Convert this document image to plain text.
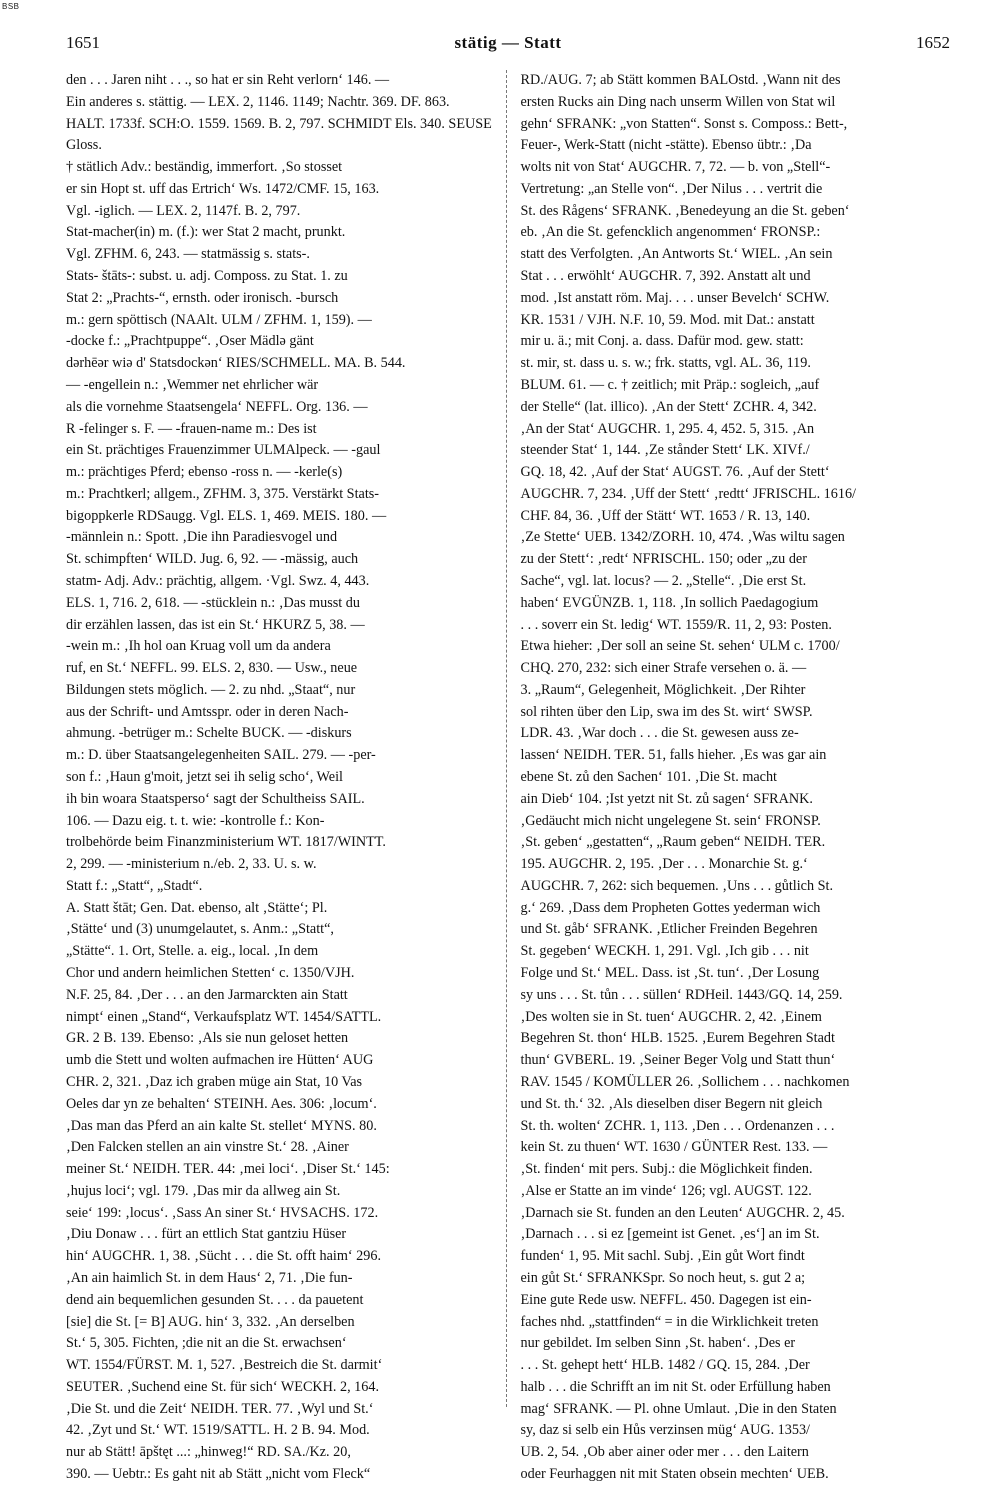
BSB
1651	stätig — Statt	1652
den . . . Jaren niht . . ., so hat er sin Reht verlorn‘ 146. —
Ein anderes s. stättig. — LEX. 2, 1146. 1149; Nachtr. 369. DF. 863.
HALT. 1733f. SCH:O. 1559. 1569. B. 2, 797. SCHMIDT Els. 340. SEUSE
Gloss.
† stätlich Adv.: beständig, immerfort. ‚So stosset
er sin Hopt st. uff das Ertrich‘ Ws. 1472/CMF. 15, 163.
Vgl. -iglich. — LEX. 2, 1147f. B. 2, 797.
Stat-macher(in) m. (f.): wer Stat 2 macht, prunkt.
Vgl. ZFHM. 6, 243. — statmässig s. stats-.
Stats- štāts-: subst. u. adj. Composs. zu Stat. 1. zu
Stat 2: „Prachts-“, ernsth. oder ironisch. -bursch
m.: gern spöttisch (NAAlt. ULM / ZFHM. 1, 159). —
-docke f.: „Prachtpuppe“. ‚Oser Mädlə gänt
dərhēər wiə d' Statsdockən‘ RIES/SCHMELL. MA. B. 544.
— -engellein n.: ‚Wemmer net ehrlicher wär
als die vornehme Staatsengela‘ NEFFL. Org. 136. —
R -felinger s. F. — -frauen-name m.: Des ist
ein St. prächtiges Frauenzimmer ULMAlpeck. — -gaul
m.: prächtiges Pferd; ebenso -ross n. — -kerle(s)
m.: Prachtkerl; allgem., ZFHM. 3, 375. Verstärkt Stats-
bigoppkerle RDSaugg. Vgl. ELS. 1, 469. MEIS. 180. —
-männlein n.: Spott. ‚Die ihn Paradiesvogel und
St. schimpften‘ WILD. Jug. 6, 92. — -mässig, auch
statm- Adj. Adv.: prächtig, allgem. ·Vgl. Swz. 4, 443.
ELS. 1, 716. 2, 618. — -stücklein n.: ‚Das musst du
dir erzählen lassen, das ist ein St.‘ HKURZ 5, 38. —
-wein m.: ‚Ih hol oan Kruag voll um da andera
ruf, en St.‘ NEFFL. 99. ELS. 2, 830. — Usw., neue
Bildungen stets möglich. — 2. zu nhd. „Staat“, nur
aus der Schrift- und Amtsspr. oder in deren Nach-
ahmung. -betrüger m.: Schelte BUCK. — -diskurs
m.: D. über Staatsangelegenheiten SAIL. 279. — -per-
son f.: ‚Haun g'moit, jetzt sei ih selig scho‘, Weil
ih bin woara Staatsperso‘ sagt der Schultheiss SAIL.
106. — Dazu eig. t. t. wie: -kontrolle f.: Kon-
trolbehörde beim Finanzministerium WT. 1817/WINTT.
2, 299. — -ministerium n./eb. 2, 33. U. s. w.
Statt f.: „Statt“, „Stadt“.
A. Statt štāt; Gen. Dat. ebenso, alt ‚Stätte‘; Pl.
‚Stätte‘ und (3) unumgelautet, s. Anm.: „Statt“,
„Stätte“. 1. Ort, Stelle. a. eig., local. ‚In dem
Chor und andern heimlichen Stetten‘ c. 1350/VJH.
N.F. 25, 84. ‚Der . . . an den Jarmarckten ain Statt
nimpt‘ einen „Stand“, Verkaufsplatz WT. 1454/SATTL.
GR. 2 B. 139. Ebenso: ‚Als sie nun geloset hetten
umb die Stett und wolten aufmachen ire Hütten‘ AUG
CHR. 2, 321. ‚Daz ich graben müge ain Stat, 10 Vas
Oeles dar yn ze behalten‘ STEINH. Aes. 306: ‚locum‘.
‚Das man das Pferd an ain kalte St. stellet‘ MYNS. 80.
‚Den Falcken stellen an ain vinstre St.‘ 28. ‚Ainer
meiner St.‘ NEIDH. TER. 44: ‚mei loci‘. ‚Diser St.‘ 145:
‚hujus loci‘; vgl. 179. ‚Das mir da allweg ain St.
seie‘ 199: ‚locus‘. ‚Sass An siner St.‘ HVSACHS. 172.
‚Diu Donaw . . . fürt an ettlich Stat gantziu Hüser
hin‘ AUGCHR. 1, 38. ‚Sücht . . . die St. offt haim‘ 296.
‚An ain haimlich St. in dem Haus‘ 2, 71. ‚Die fun-
dend ain bequemlichen gesunden St. . . . da pauetent
[sie] die St. [= B] AUG. hin‘ 3, 332. ‚An derselben
St.‘ 5, 305. Fichten, ;die nit an die St. erwachsen‘
WT. 1554/FÜRST. M. 1, 527. ‚Bestreich die St. darmit‘
SEUTER. ‚Suchend eine St. für sich‘ WECKH. 2, 164.
‚Die St. und die Zeit‘ NEIDH. TER. 77. ‚Wyl und St.‘
42. ‚Zyt und St.‘ WT. 1519/SATTL. H. 2 B. 94. Mod.
nur ab Stätt! āpštęt ...: „hinweg!“ RD. SA./Kz. 20,
390. — Uebtr.: Es gaht nit ab Stätt „nicht vom Fleck“
RD./AUG. 7; ab Stätt kommen BALOstd. ‚Wann nit des
ersten Rucks ain Ding nach unserm Willen von Stat wil
gehn‘ SFRANK: „von Statten“. Sonst s. Composs.: Bett-,
Feuer-, Werk-Statt (nicht -stätte). Ebenso übtr.: ‚Da
wolts nit von Stat‘ AUGCHR. 7, 72. — b. von „Stell“-
Vertretung: „an Stelle von“. ‚Der Nilus . . . vertrit die
St. des Rågens‘ SFRANK. ‚Benedeyung an die St. geben‘
eb. ‚An die St. gefencklich angenommen‘ FRONSP.:
statt des Verfolgten. ‚An Antworts St.‘ WIEL. ‚An sein
Stat . . . erwöhlt‘ AUGCHR. 7, 392. Anstatt alt und
mod. ‚Ist anstatt röm. Maj. . . . unser Bevelch‘ SCHW.
KR. 1531 / VJH. N.F. 10, 59. Mod. mit Dat.: anstatt
mir u. ä.; mit Conj. a. dass. Dafür mod. gew. statt:
st. mir, st. dass u. s. w.; frk. statts, vgl. AL. 36, 119.
BLUM. 61. — c. † zeitlich; mit Präp.: sogleich, „auf
der Stelle“ (lat. illico). ‚An der Stett‘ ZCHR. 4, 342.
‚An der Stat‘ AUGCHR. 1, 295. 4, 452. 5, 315. ‚An
steender Stat‘ 1, 144. ‚Ze stånder Stett‘ LK. XIVf./
GQ. 18, 42. ‚Auf der Stat‘ AUGST. 76. ‚Auf der Stett‘
AUGCHR. 7, 234. ‚Uff der Stett‘ ‚redtt‘ JFRISCHL. 1616/
CHF. 84, 36. ‚Uff der Stätt‘ WT. 1653 / R. 13, 140.
‚Ze Stette‘ UEB. 1342/ZORH. 10, 474. ‚Was wiltu sagen
zu der Stett‘: ‚redt‘ NFRISCHL. 150; oder „zu der
Sache“, vgl. lat. locus? — 2. „Stelle“. ‚Die erst St.
haben‘ EVGÜNZB. 1, 118. ‚In sollich Paedagogium
. . . soverr ein St. ledig‘ WT. 1559/R. 11, 2, 93: Posten.
Etwa hieher: ‚Der soll an seine St. sehen‘ ULM c. 1700/
CHQ. 270, 232: sich einer Strafe versehen o. ä. —
3. „Raum“, Gelegenheit, Möglichkeit. ‚Der Rihter
sol rihten über den Lip, swa im des St. wirt‘ SWSP.
LDR. 43. ‚War doch . . . die St. gewesen auss ze-
lassen‘ NEIDH. TER. 51, falls hieher. ‚Es was gar ain
ebene St. zů den Sachen‘ 101. ‚Die St. macht
ain Dieb‘ 104. ;Ist yetzt nit St. zů sagen‘ SFRANK.
‚Gedäucht mich nicht ungelegene St. sein‘ FRONSP.
‚St. geben‘ „gestatten“, „Raum geben“ NEIDH. TER.
195. AUGCHR. 2, 195. ‚Der . . . Monarchie St. g.‘
AUGCHR. 7, 262: sich bequemen. ‚Uns . . . gůtlich St.
g.‘ 269. ‚Dass dem Propheten Gottes yederman wich
und St. gåb‘ SFRANK. ‚Etlicher Freinden Begehren
St. gegeben‘ WECKH. 1, 291. Vgl. ‚Ich gib . . . nit
Folge und St.‘ MEL. Dass. ist ‚St. tun‘. ‚Der Losung
sy uns . . . St. tůn . . . süllen‘ RDHeil. 1443/GQ. 14, 259.
‚Des wolten sie in St. tuen‘ AUGCHR. 2, 42. ‚Einem
Begehren St. thon‘ HLB. 1525. ‚Eurem Begehren Stadt
thun‘ GVBERL. 19. ‚Seiner Beger Volg und Statt thun‘
RAV. 1545 / KOMÜLLER 26. ‚Sollichem . . . nachkomen
und St. th.‘ 32. ‚Als dieselben diser Begern nit gleich
St. th. wolten‘ ZCHR. 1, 113. ‚Den . . . Ordenanzen . . .
kein St. zu thuen‘ WT. 1630 / GÜNTER Rest. 133. —
‚St. finden‘ mit pers. Subj.: die Möglichkeit finden.
‚Alse er Statte an im vinde‘ 126; vgl. AUGST. 122.
‚Darnach sie St. funden an den Leuten‘ AUGCHR. 2, 45.
‚Darnach . . . si ez [gemeint ist Genet. ‚es‘] an im St.
funden‘ 1, 95. Mit sachl. Subj. ‚Ein gůt Wort findt
ein gůt St.‘ SFRANKSpr. So noch heut, s. gut 2 a;
Eine gute Rede usw. NEFFL. 450. Dagegen ist ein-
faches nhd. „stattfinden“ = in die Wirklichkeit treten
nur gebildet. Im selben Sinn ‚St. haben‘. ‚Des er
. . . St. gehept hett‘ HLB. 1482 / GQ. 15, 284. ‚Der
halb . . . die Schrifft an im nit St. oder Erfüllung haben
mag‘ SFRANK. — Pl. ohne Umlaut. ‚Die in den Staten
sy, daz si selb ein Hůs verzinsen müg‘ AUG. 1353/
UB. 2, 54. ‚Ob aber ainer oder mer . . . den Laitern
oder Feurhaggen nit mit Staten obsein mechten‘ UEB.
